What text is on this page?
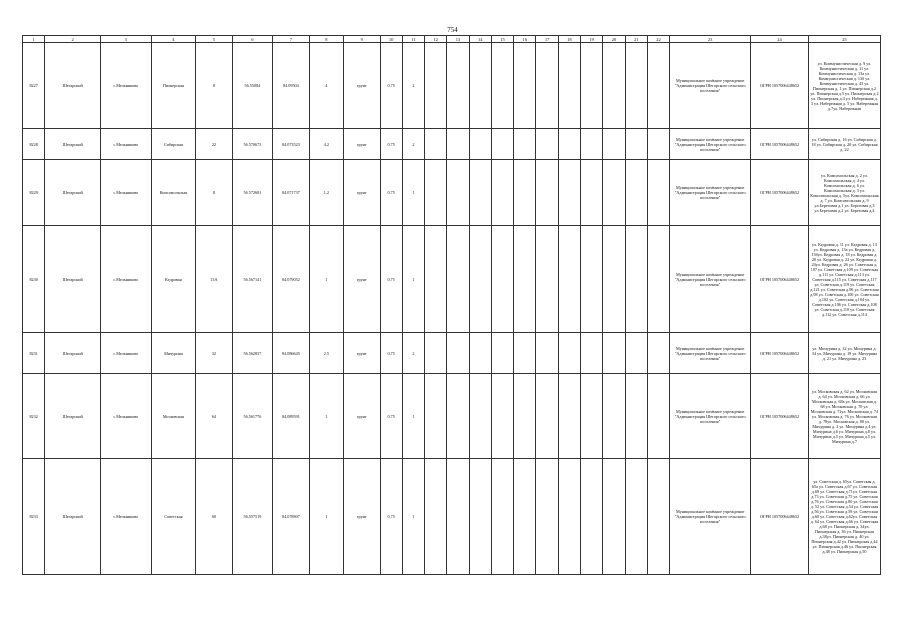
754
1	2	3	4	5	6	7	8	9	10	11	12	13	14	15	16	17	18	19	20	21	22	23	24	25
8227	Шегарский	с.Мельниково	Пионерская	8	56.55084	84.09504	4	грунт	0.75	2												Муниципальное казённое учреждение "Администрация Шегарского сельского поселения"	ОГРН 1057006448652	ул. Коммунистическая д. 9 ул. Коммунистическая д. 11 ул. Коммунистическая д. 13а ул. Коммунистическая д. 13б ул. Коммунистическая д. 43 ул. Пионерская д. 1 ул. Пионерская д.2 ул. Пионерская д.5 ул. Пионерская д.2 ул. Пионерская д.4 ул. Набережная д. 3 ул. Набережная д. 5 ул. Набережная д.7ул. Набережная
8228	Шегарский	с.Мельниково	Сибирская	22	56.570673	84.073523	4.2	грунт	0.75	2												Муниципальное казённое учреждение "Администрация Шегарского сельского поселения"	ОГРН 1057006448652	ул. Сибирская д. 16 ул. Сибирская д. 18 ул. Сибирская д. 20 ул. Сибирская д. 22
8229	Шегарский	с.Мельниково	Комсомольская	8	56.572681	84.071737	1,2	грунт	0,75	1												Муниципальное казённое учреждение "Администрация Шегарского сельского поселения"	ОГРН 1057006448652	ул. Комсомольская д. 2 ул. Комсомольская д. 4 ул. Комсомольская д. 6 ул. Комсомольская д. 3 ул. Комсомольская д. 5ул. Комсомольская д. 7 ул. Комсомольская д. 9 ул.Береговая д.1 ул. Береговая д.3 ул.Береговая д.2 ул. Береговая д.4
8230	Шегарский	с.Мельниково	Кедровая	13А	56.567141	84.079052	1	грунт	0,75	1												Муниципальное казённое учреждение "Администрация Шегарского сельского поселения"	ОГРН 1057006448652	ул. Кедровая д. 11 ул. Кедровая д. 13 ул. Кедровая д. 13а ул. Кедровая д. 13бул. Кедровая д. 18 ул. Кедровая д. 20 ул. Кедровая д. 22 ул. Кедровая д. 24ул. Кедровая д. 26 ул. Советская д. 107 ул. Советская д.109 ул. Советская д.111 ул. Советская д.113 ул. Советская д.115 ул. Советская д.117 ул. Советская д.119 ул. Советская д.121 ул. Советская д.96 ул. Советская д.98 ул. Советская д.100 ул. Советская д.102 ул. Советская д.104 ул. Советская д.106 ул. Советская д.108 ул. Советская д.110 ул. Советская д.112 ул. Советская д.114
8231	Шегарский	с.Мельниково	Мичурина	32	56.562837	84.086645	2.5	грунт	0,75	2												Муниципальное казённое учреждение "Администрация Шегарского сельского поселения"	ОГРН 1057006448652	ул. Мичурина д. 32 ул. Мичурина д. 34 ул. Мичурина д. 19 ул. Мичурина д. 21 ул. Мичурина д. 23
8232	Шегарский	с.Мельниково	Московская	64	56,561776	84,089591	1	грунт	0,75	1												Муниципальное казённое учреждение "Администрация Шегарского сельского поселения"	ОГРН 1057006448652	ул. Московская д. 62 ул. Московская д. 64 ул. Московская д. 66 ул. Московская д. 68а ул. Московская д. 68 ул. Московская д. 70 ул. Московская д. 72ул. Московская д. 74 ул. Московская д. 76 ул. Московская д. 78ул. Московская д. 80 ул. Мичурина д. 2 ул. Мичурина д.4 ул. Мичурина д.6 ул. Мичурина д.8 ул. Мичурина д.5 ул. Мичурина д.5 ул. Мичурина д.7
8233	Шегарский	с.Мельниково	Советская	60	56,557519	84,078807	1	грунт	0,75	1												Муниципальное казённое учреждение "Администрация Шегарского сельского поселения"	ОГРН 1057006448652	ул. Советская д. 65ул. Советская д. 65а ул. Советская д.67 ул. Советская д.69 ул. Советская д.71ул. Советская д.73 ул. Советская д.75 ул. Советская д.76 ул. Советская д.80 ул. Советская д. 52 ул. Советская д.54 ул. Советская д.56 ул. Советская д.58 ул. Советская д.60 ул. Советская д.62ул. Советская д. 64 ул. Советская д.66 ул. Советская д.68 ул. Пионерская д. 34ул. Пионерская д. 36 ул. Пионерская д.38ул. Пионерская д. 40 ул. Пионерская д.42 ул. Пионерская д.44 ул. Пионерская д.46 ул. Пионерская д.48 ул. Пионерская д.50
